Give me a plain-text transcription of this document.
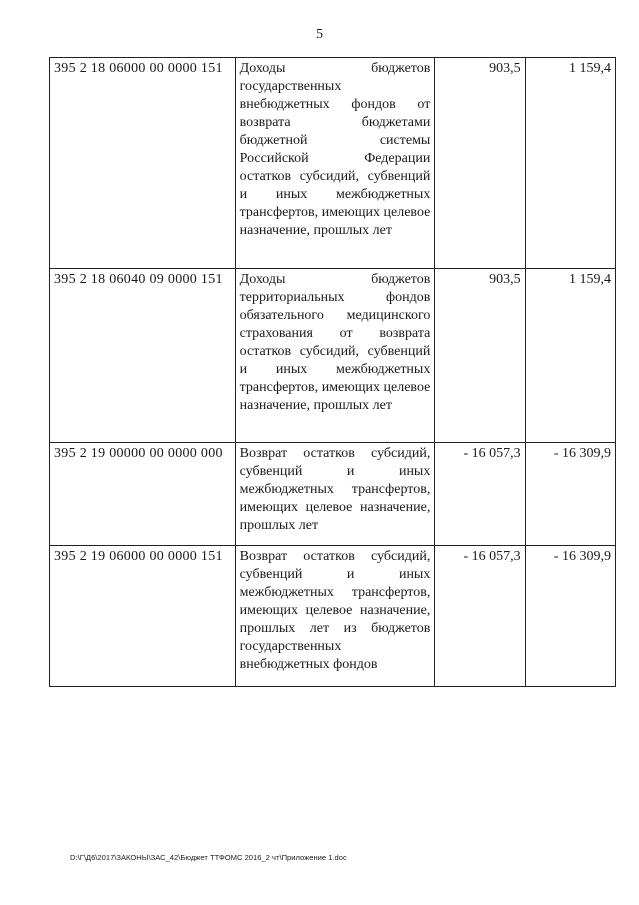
5
395 2 18 06000 00 0000 151	Доходы бюджетов государственных внебюджетных фондов от возврата бюджетами бюджетной системы Российской Федерации остатков субсидий, субвенций и иных межбюджетных трансфертов, имеющих целевое назначение, прошлых лет	903,5	1 159,4
395 2 18 06040 09 0000 151	Доходы бюджетов территориальных фондов обязательного медицинского страхования от возврата остатков субсидий, субвенций и иных межбюджетных трансфертов, имеющих целевое назначение, прошлых лет	903,5	1 159,4
395 2 19 00000 00 0000 000	Возврат остатков субсидий, субвенций и иных межбюджетных трансфертов, имеющих целевое назначение, прошлых лет	- 16 057,3	- 16 309,9
395 2 19 06000 00 0000 151	Возврат остатков субсидий, субвенций и иных межбюджетных трансфертов, имеющих целевое назначение, прошлых лет из бюджетов государственных внебюджетных фондов	- 16 057,3	- 16 309,9
D:\Г\Д6\2017\ЗАКОНЫ\ЗАС_42\Бюджет ТТФОМС 2016_2 чт\Приложение 1.doc
